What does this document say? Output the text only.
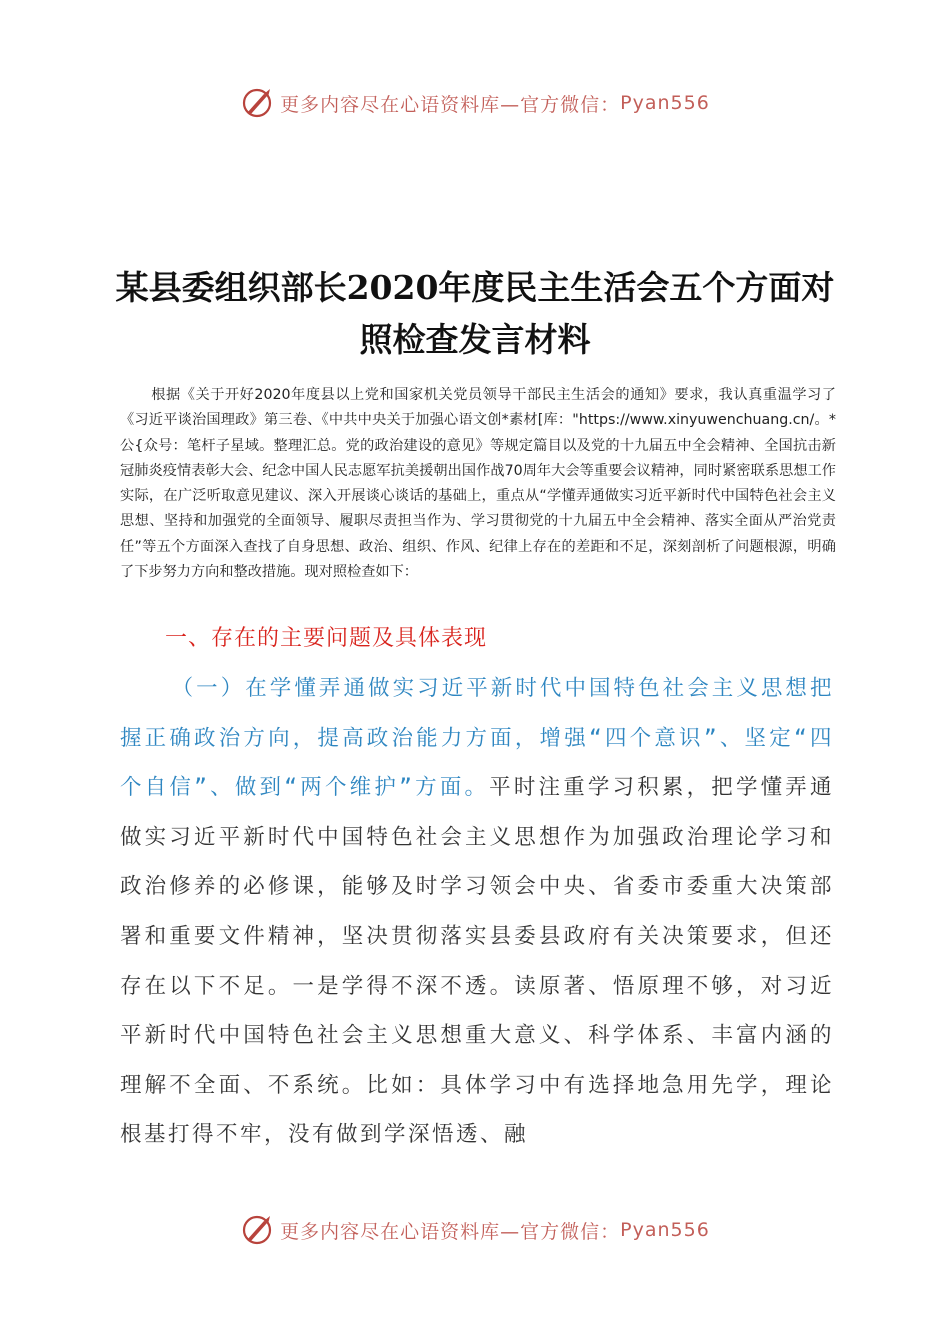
更多内容尽在心语资料库—官方微信： Pyan556
某县委组织部长2020年度民主生活会五个方面对照检查发言材料
根据《关于开好2020年度县以上党和国家机关党员领导干部民主生活会的通知》要求，我认真重温学习了《习近平谈治国理政》第三卷、《中共中央关于加强心语文创*素材[库："https://www.xinyuwenchuang.cn/。*公{众号：笔杆子星域。整理汇总。党的政治建设的意见》等规定篇目以及党的十九届五中全会精神、全国抗击新冠肺炎疫情表彰大会、纪念中国人民志愿军抗美援朝出国作战70周年大会等重要会议精神，同时紧密联系思想工作实际，在广泛听取意见建议、深入开展谈心谈话的基础上，重点从“学懂弄通做实习近平新时代中国特色社会主义思想、坚持和加强党的全面领导、履职尽责担当作为、学习贯彻党的十九届五中全会精神、落实全面从严治党责任”等五个方面深入查找了自身思想、政治、组织、作风、纪律上存在的差距和不足，深刻剖析了问题根源，明确了下步努力方向和整改措施。现对照检查如下：
一、存在的主要问题及具体表现
（一）在学懂弄通做实习近平新时代中国特色社会主义思想把握正确政治方向，提高政治能力方面，增强“四个意识”、坚定“四个自信”、做到“两个维护”方面。平时注重学习积累，把学懂弄通做实习近平新时代中国特色社会主义思想作为加强政治理论学习和政治修养的必修课，能够及时学习领会中央、省委市委重大决策部署和重要文件精神，坚决贯彻落实县委县政府有关决策要求，但还存在以下不足。一是学得不深不透。读原著、悟原理不够，对习近平新时代中国特色社会主义思想重大意义、科学体系、丰富内涵的理解不全面、不系统。比如：具体学习中有选择地急用先学，理论根基打得不牢，没有做到学深悟透、融
更多内容尽在心语资料库—官方微信： Pyan556
